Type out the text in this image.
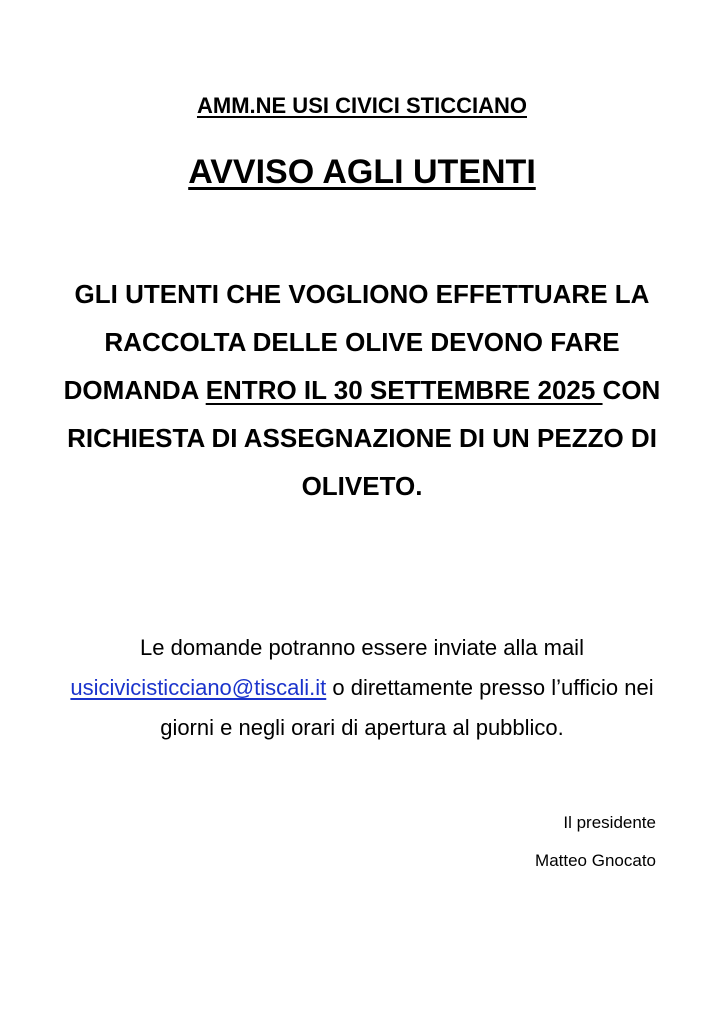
AMM.NE USI CIVICI STICCIANO
AVVISO AGLI UTENTI
GLI UTENTI CHE VOGLIONO EFFETTUARE LA RACCOLTA DELLE OLIVE DEVONO FARE DOMANDA ENTRO IL 30 SETTEMBRE 2025 CON RICHIESTA DI ASSEGNAZIONE DI UN PEZZO DI OLIVETO.
Le domande potranno essere inviate alla mail usicivicisticciano@tiscali.it o direttamente presso l’ufficio nei giorni e negli orari di apertura al pubblico.
Il presidente
Matteo Gnocato
